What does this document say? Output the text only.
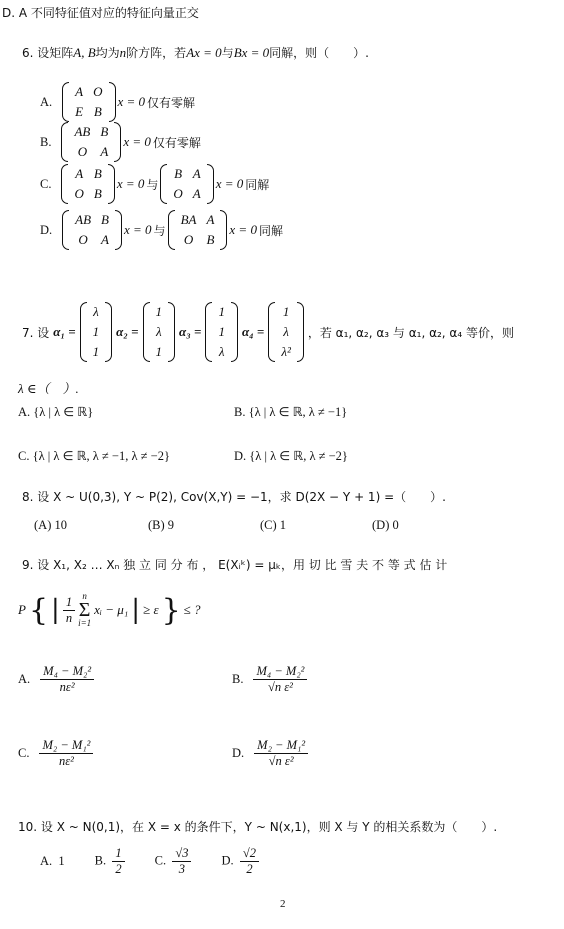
D. A 不同特征值对应的特征向量正交
6. 设矩阵A, B均为n阶方阵，若Ax = 0与Bx = 0同解，则（　　）.
A.
A	O
E	B
x = 0 仅有零解
B.
AB	B
O	A
x = 0 仅有零解
C.
A	B
O	B
x = 0 与
B	A
O	A
x = 0 同解
D.
AB	B
O	A
x = 0 与
BA	A
O	B
x = 0 同解
7. 设 α₁ =
λ
1
1
α₂ =
1
λ
1
α₃ =
1
1
λ
α₄ =
1
λ
λ²
，若 α₁, α₂, α₃ 与 α₁, α₂, α₄ 等价，则
λ ∈（　）.
A. {λ | λ ∈ ℝ}	B. {λ | λ ∈ ℝ, λ ≠ −1}
C. {λ | λ ∈ ℝ, λ ≠ −1, λ ≠ −2}	D. {λ | λ ∈ ℝ, λ ≠ −2}
8. 设 X ~ U(0,3), Y ~ P(2), Cov(X,Y) = −1，求 D(2X − Y + 1) =（　　）.
(A) 10	(B) 9	(C) 1	(D) 0
9. 设 X₁, X₂ … Xₙ 独 立 同 分 布 ， E(Xᵢᵏ) = μₖ，用 切 比 雪 夫 不 等 式 估 计
P { | $\frac{1}{n}$ n
Σ
i=1
xᵢ − μ₁ | ≥ ε } ≤ ?
A. $\frac{\text{M₄ − M₂²}}{\text{nε²}}$	B. $\frac{\text{M₄ − M₂²}}{\text{√n ε²}}$
C. $\frac{\text{M₂ − M₁²}}{\text{nε²}}$	D. $\frac{\text{M₂ − M₁²}}{\text{√n ε²}}$
10. 设 X ~ N(0,1)，在 X = x 的条件下，Y ~ N(x,1)，则 X 与 Y 的相关系数为（　　）.
A. 1 B. $\frac{1}{2} C$. $\frac{√3}{3} D$. $\frac{√2}{2}$
2
